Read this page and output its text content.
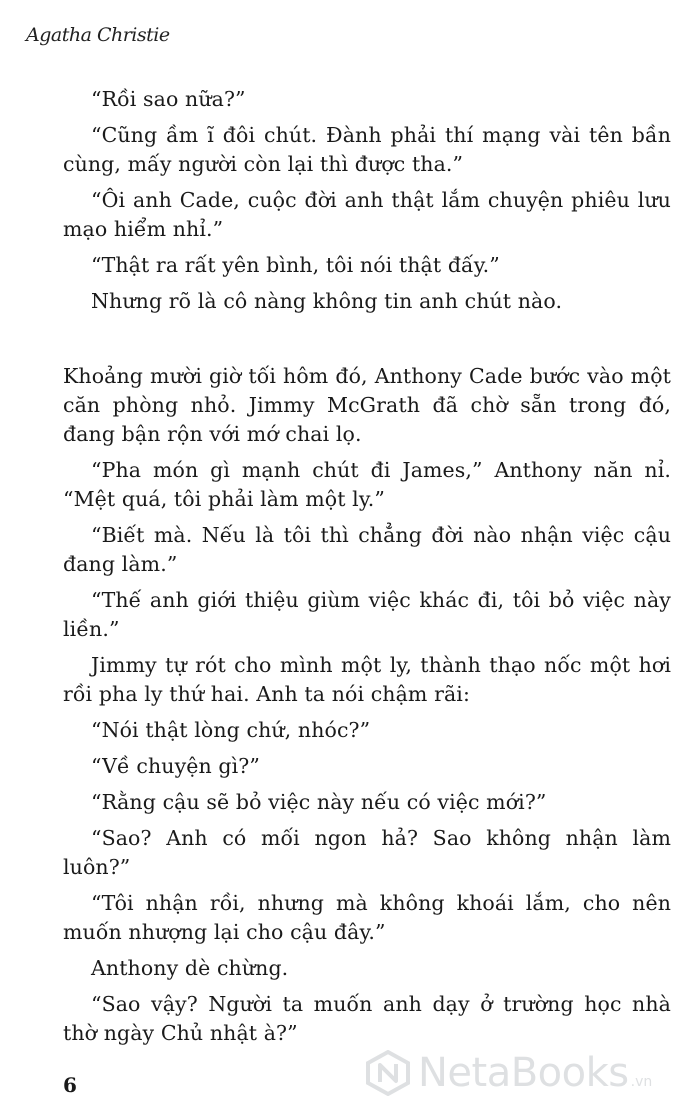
Agatha Christie

“Rồi sao nữa?”

“Cũng ầm ĩ đôi chút. Đành phải thí mạng vài tên bần cùng, mấy người còn lại thì được tha.”

“Ôi anh Cade, cuộc đời anh thật lắm chuyện phiêu lưu mạo hiểm nhỉ.”

“Thật ra rất yên bình, tôi nói thật đấy.”

Nhưng rõ là cô nàng không tin anh chút nào.

Khoảng mười giờ tối hôm đó, Anthony Cade bước vào một căn phòng nhỏ. Jimmy McGrath đã chờ sẵn trong đó, đang bận rộn với mớ chai lọ.

“Pha món gì mạnh chút đi James,” Anthony năn nỉ. “Mệt quá, tôi phải làm một ly.”

“Biết mà. Nếu là tôi thì chẳng đời nào nhận việc cậu đang làm.”

“Thế anh giới thiệu giùm việc khác đi, tôi bỏ việc này liền.”

Jimmy tự rót cho mình một ly, thành thạo nốc một hơi rồi pha ly thứ hai. Anh ta nói chậm rãi:

“Nói thật lòng chứ, nhóc?”

“Về chuyện gì?”

“Rằng cậu sẽ bỏ việc này nếu có việc mới?”

“Sao? Anh có mối ngon hả? Sao không nhận làm luôn?”

“Tôi nhận rồi, nhưng mà không khoái lắm, cho nên muốn nhượng lại cho cậu đây.”

Anthony dè chừng.

“Sao vậy? Người ta muốn anh dạy ở trường học nhà thờ ngày Chủ nhật à?”

6	NetaBooks .vn
